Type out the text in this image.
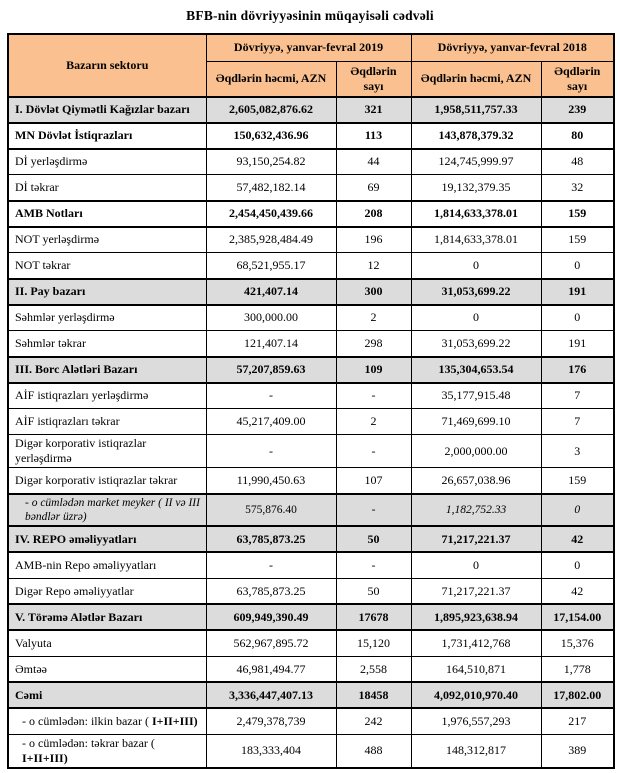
BFB-nin dövriyyəsinin müqayisəli cədvəli
Bazarın sektoru	Dövriyyə, yanvar-fevral 2019		Dövriyyə, yanvar-fevral 2018	
	Əqdlərin həcmi, AZN	Əqdlərin sayı	Əqdlərin həcmi, AZN	Əqdlərin sayı
I. Dövlət Qiymətli Kağızlar bazarı	2,605,082,876.62	321	1,958,511,757.33	239
MN Dövlət İstiqrazları	150,632,436.96	113	143,878,379.32	80
Dİ yerləşdirmə	93,150,254.82	44	124,745,999.97	48
Dİ təkrar	57,482,182.14	69	19,132,379.35	32
AMB Notları	2,454,450,439.66	208	1,814,633,378.01	159
NOT yerləşdirmə	2,385,928,484.49	196	1,814,633,378.01	159
NOT təkrar	68,521,955.17	12	0	0
II. Pay bazarı	421,407.14	300	31,053,699.22	191
Səhmlər yerləşdirmə	300,000.00	2	0	0
Səhmlər təkrar	121,407.14	298	31,053,699.22	191
III. Borc Alətləri Bazarı	57,207,859.63	109	135,304,653.54	176
AİF istiqrazları yerləşdirmə	-	-	35,177,915.48	7
AİF istiqrazları təkrar	45,217,409.00	2	71,469,699.10	7
Digər korporativ istiqrazlar yerləşdirmə	-	-	2,000,000.00	3
Digər korporativ istiqrazlar təkrar	11,990,450.63	107	26,657,038.96	159
- o cümlədən market meyker ( II və III bəndlər üzrə)	575,876.40	-	1,182,752.33	0
IV. REPO əməliyyatları	63,785,873.25	50	71,217,221.37	42
AMB-nin Repo əməliyyatları	-	-	0	0
Digər Repo əməliyyatlar	63,785,873.25	50	71,217,221.37	42
V. Törəmə Alətlər Bazarı	609,949,390.49	17678	1,895,923,638.94	17,154.00
Valyuta	562,967,895.72	15,120	1,731,412,768	15,376
Əmtəə	46,981,494.77	2,558	164,510,871	1,778
Cəmi	3,336,447,407.13	18458	4,092,010,970.40	17,802.00
- o cümlədən: ilkin bazar ( I+II+III)	2,479,378,739	242	1,976,557,293	217
- o cümlədən: təkrar bazar ( I+II+III)	183,333,404	488	148,312,817	389
